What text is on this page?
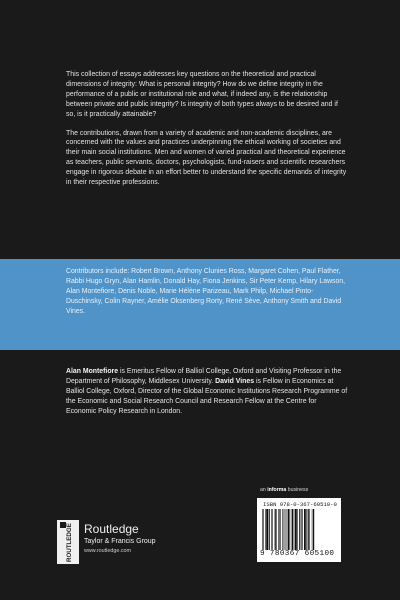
This collection of essays addresses key questions on the theoretical and practical dimensions of integrity: What is personal integrity? How do we define integrity in the performance of a public or institutional role and what, if indeed any, is the relationship between private and public integrity? Is integrity of both types always to be desired and if so, is it practically attainable?

The contributions, drawn from a variety of academic and non-academic disciplines, are concerned with the values and practices underpinning the ethical working of societies and their main social institutions. Men and women of varied practical and theoretical experience as teachers, public servants, doctors, psychologists, fund-raisers and scientific researchers engage in rigorous debate in an effort better to understand the specific demands of integrity in their respective professions.

Contributors include: Robert Brown, Anthony Clunies Ross, Margaret Cohen, Paul Flather, Rabbi Hugo Gryn, Alan Hamlin, Donald Hay, Fiona Jenkins, Sir Peter Kemp, Hilary Lawson, Alan Montefiore, Denis Noble, Marie Hélène Parizeau, Mark Philp, Michael Pinto-Duschinsky, Colin Rayner, Amélie Oksenberg Rorty, René Sève, Anthony Smith and David Vines.

Alan Montefiore is Emeritus Fellow of Balliol College, Oxford and Visiting Professor in the Department of Philosophy, Middlesex University. David Vines is Fellow in Economics at Balliol College, Oxford, Director of the Global Economic Institutions Research Programme of the Economic and Social Research Council and Research Fellow at the Centre for Economic Policy Research in London.

an informa business
ISBN 978-0-367-60510-0
9 780367 605100
ROUTLEDGE Routledge
Taylor & Francis Group
www.routledge.com
